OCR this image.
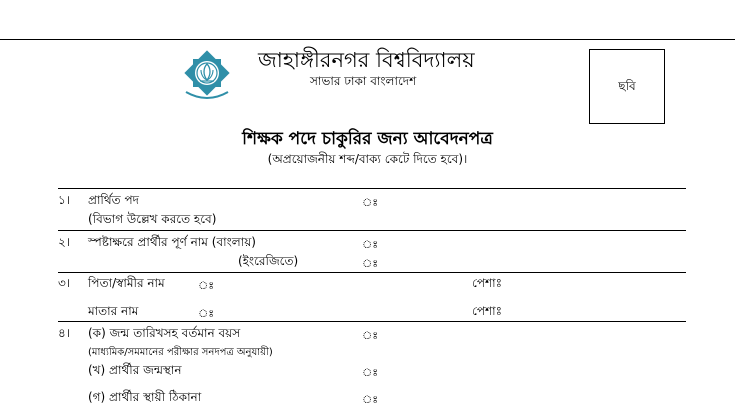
জাহাঙ্গীরনগর বিশ্ববিদ্যালয়
সাভার ঢাকা বাংলাদেশ	ছবি
শিক্ষক পদে চাকুরির জন্য আবেদনপত্র
(অপ্রয়োজনীয় শব্দ/বাক্য কেটে দিতে হবে)।
১। প্রার্থিত পদ	ঃ
(বিভাগ উল্লেখ করতে হবে)
২। স্পষ্টাক্ষরে প্রার্থীর পূর্ণ নাম (বাংলায়)	ঃ
(ইংরেজিতে)	ঃ
৩। পিতা/স্বামীর নাম	ঃ	পেশাঃ
মাতার নাম	ঃ	পেশাঃ
৪। (ক) জন্ম তারিখসহ বর্তমান বয়স	ঃ
(মাধ্যমিক/সমমানের পরীক্ষার সনদপত্র অনুযায়ী)
(খ) প্রার্থীর জন্মস্থান	ঃ
(গ) প্রার্থীর স্থায়ী ঠিকানা	ঃ
